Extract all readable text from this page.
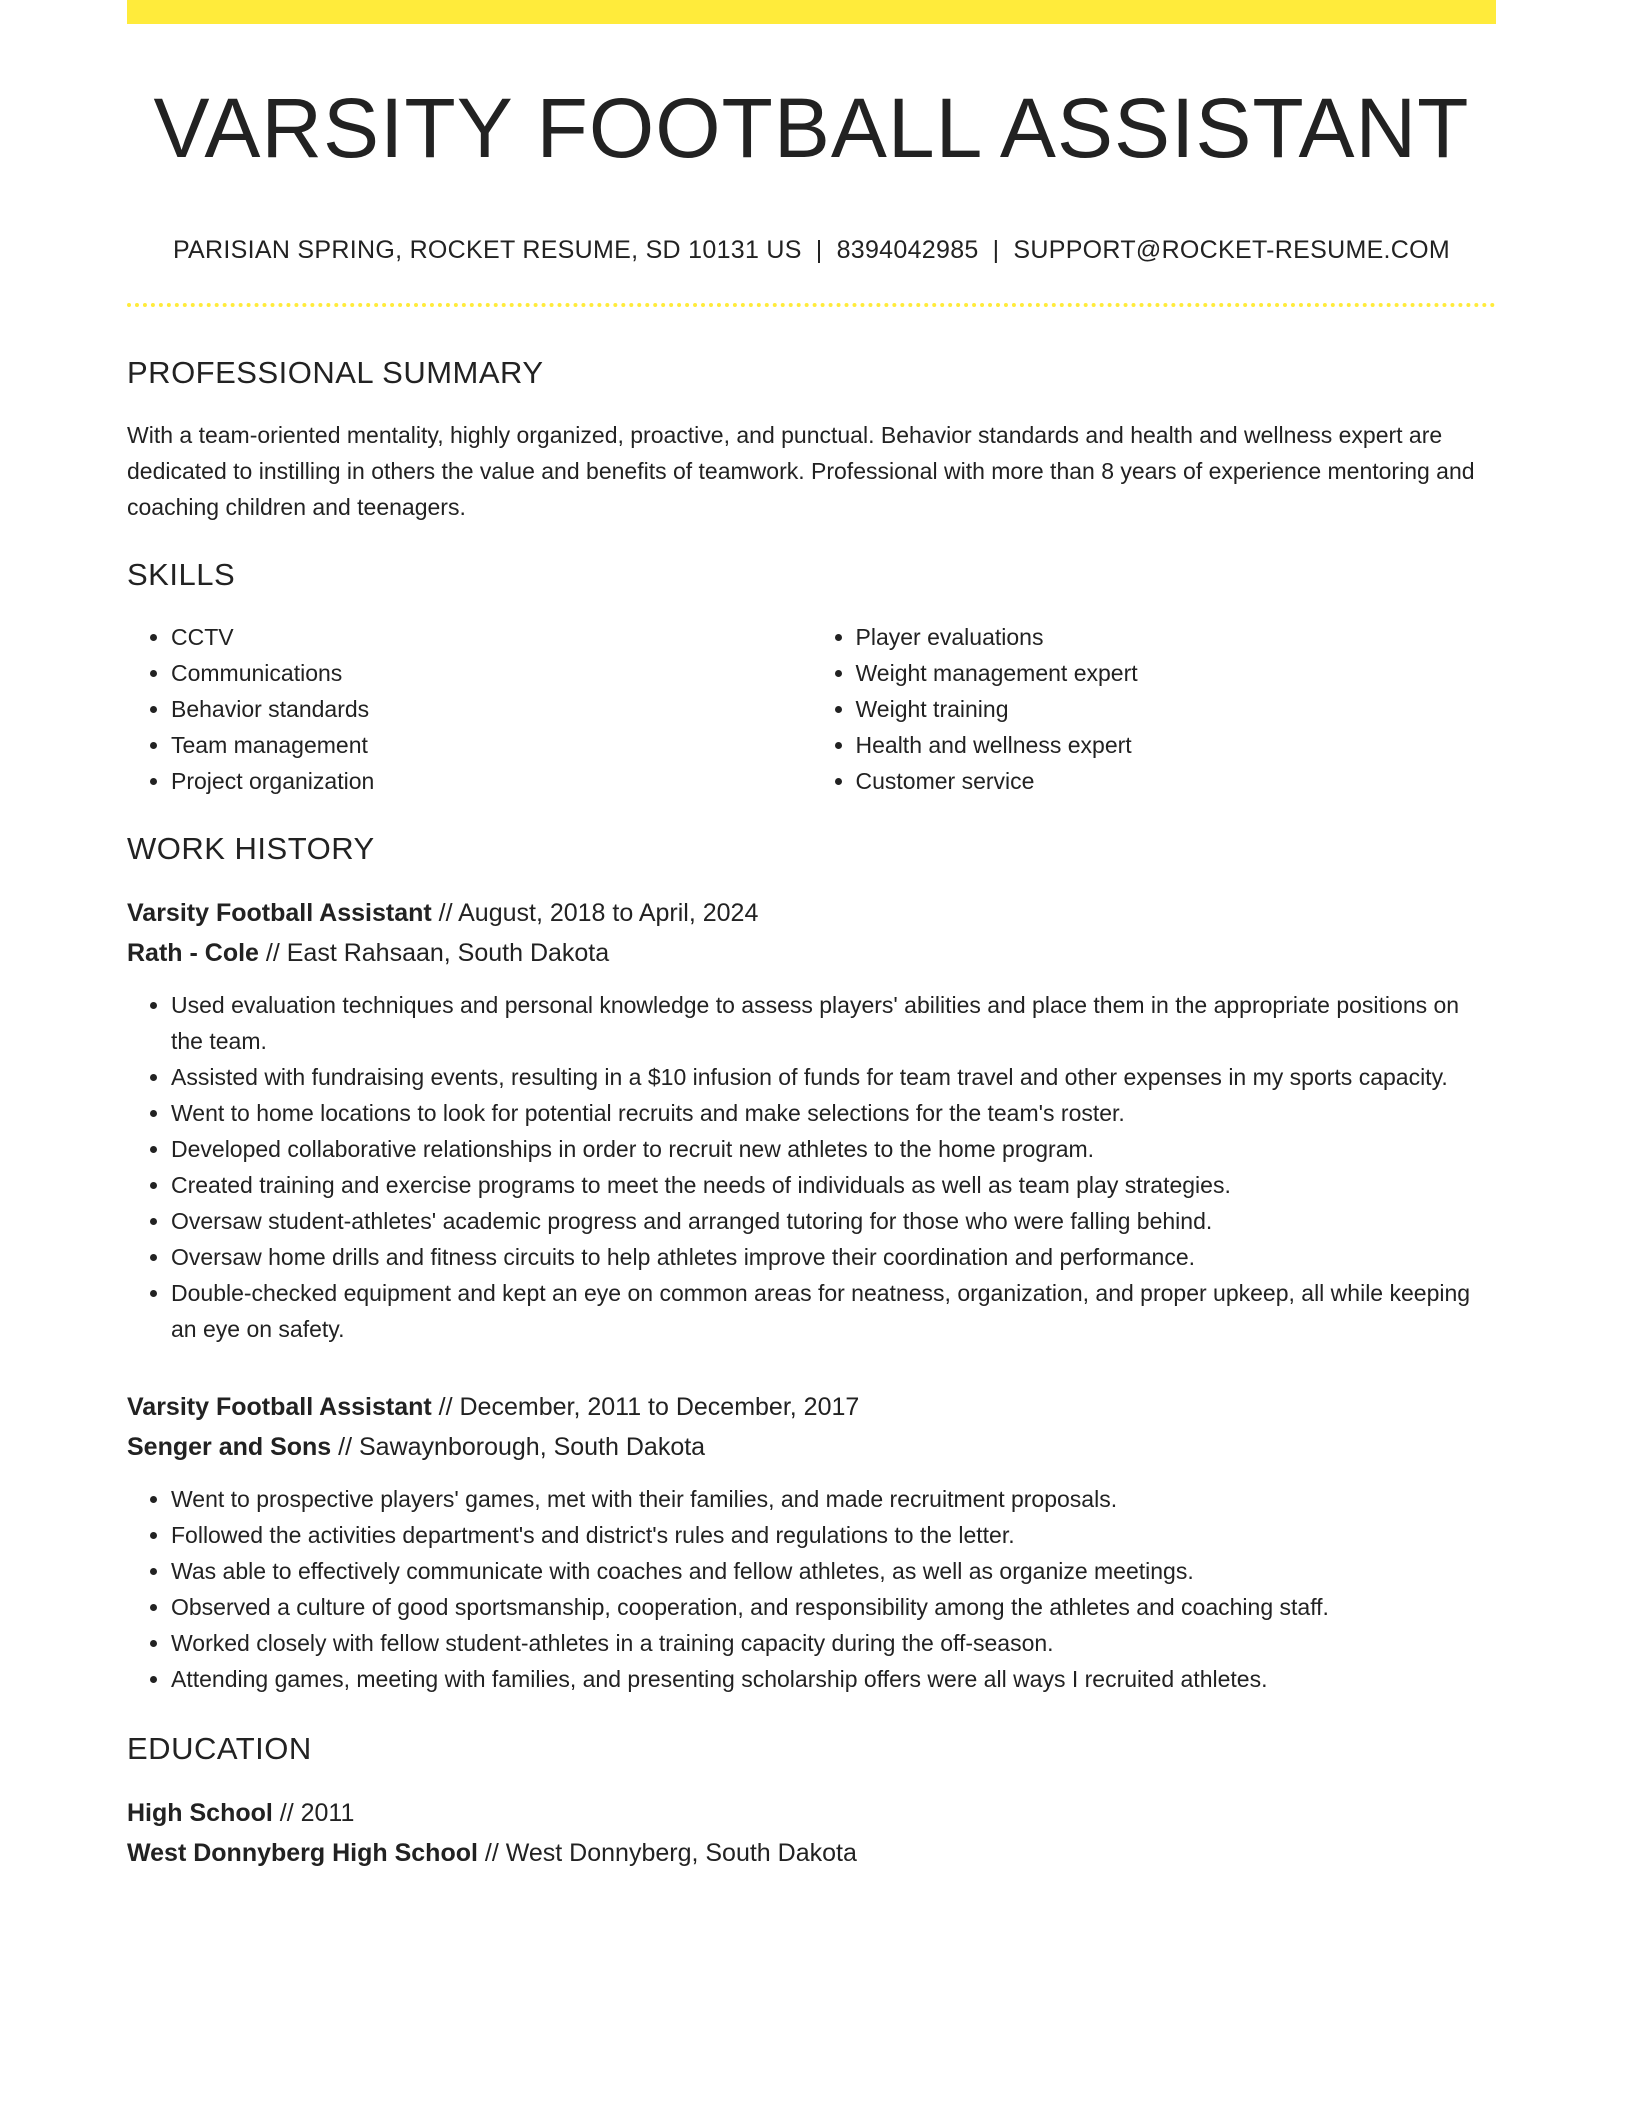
VARSITY FOOTBALL ASSISTANT
PARISIAN SPRING, ROCKET RESUME, SD 10131 US | 8394042985 | SUPPORT@ROCKET-RESUME.COM
PROFESSIONAL SUMMARY
With a team-oriented mentality, highly organized, proactive, and punctual. Behavior standards and health and wellness expert are dedicated to instilling in others the value and benefits of teamwork. Professional with more than 8 years of experience mentoring and coaching children and teenagers.
SKILLS
• CCTV
• Communications
• Behavior standards
• Team management
• Project organization
• Player evaluations
• Weight management expert
• Weight training
• Health and wellness expert
• Customer service
WORK HISTORY
Varsity Football Assistant // August, 2018 to April, 2024
Rath - Cole // East Rahsaan, South Dakota
• Used evaluation techniques and personal knowledge to assess players' abilities and place them in the appropriate positions on the team.
• Assisted with fundraising events, resulting in a $10 infusion of funds for team travel and other expenses in my sports capacity.
• Went to home locations to look for potential recruits and make selections for the team's roster.
• Developed collaborative relationships in order to recruit new athletes to the home program.
• Created training and exercise programs to meet the needs of individuals as well as team play strategies.
• Oversaw student-athletes' academic progress and arranged tutoring for those who were falling behind.
• Oversaw home drills and fitness circuits to help athletes improve their coordination and performance.
• Double-checked equipment and kept an eye on common areas for neatness, organization, and proper upkeep, all while keeping an eye on safety.
Varsity Football Assistant // December, 2011 to December, 2017
Senger and Sons // Sawaynborough, South Dakota
• Went to prospective players' games, met with their families, and made recruitment proposals.
• Followed the activities department's and district's rules and regulations to the letter.
• Was able to effectively communicate with coaches and fellow athletes, as well as organize meetings.
• Observed a culture of good sportsmanship, cooperation, and responsibility among the athletes and coaching staff.
• Worked closely with fellow student-athletes in a training capacity during the off-season.
• Attending games, meeting with families, and presenting scholarship offers were all ways I recruited athletes.
EDUCATION
High School // 2011
West Donnyberg High School // West Donnyberg, South Dakota
